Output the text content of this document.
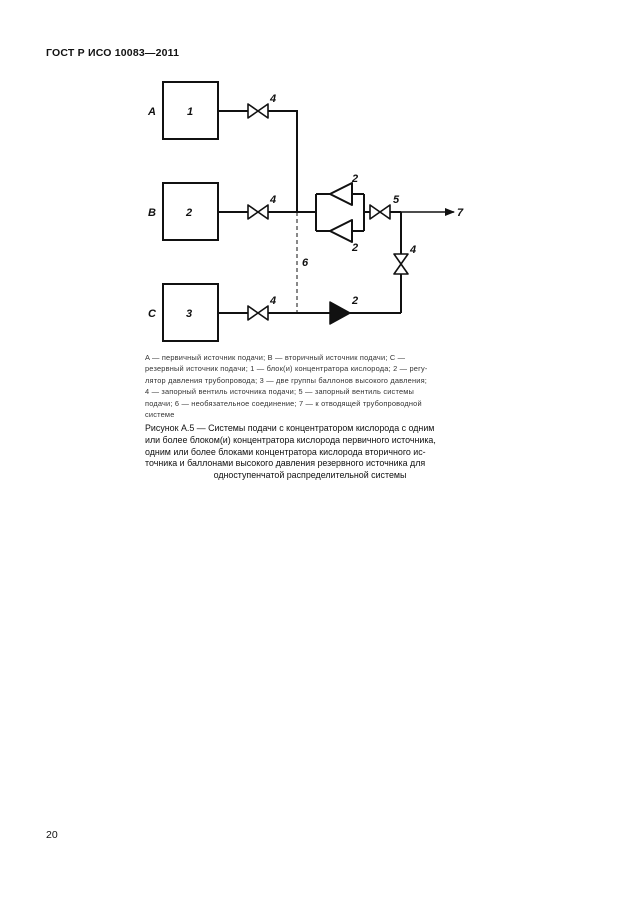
ГОСТ Р ИСО 10083—2011
A
B
C
1
2
3
4
4
4
2
2
2
5
7
4
6
A — первичный источник подачи; B — вторичный источник подачи; C —
резервный источник подачи; 1 — блок(и) концентратора кислорода; 2 — регу-
лятор давления трубопровода; 3 — две группы баллонов высокого давления;
4 — запорный вентиль источника подачи; 5 — запорный вентиль системы
подачи; 6 — необязательное соединение; 7 — к отводящей трубопроводной
системе
Рисунок А.5 — Системы подачи с концентратором кислорода с одним
или более блоком(и) концентратора кислорода первичного источника,
одним или более блоками концентратора кислорода вторичного ис-
точника и баллонами высокого давления резервного источника для
одноступенчатой распределительной системы
20
